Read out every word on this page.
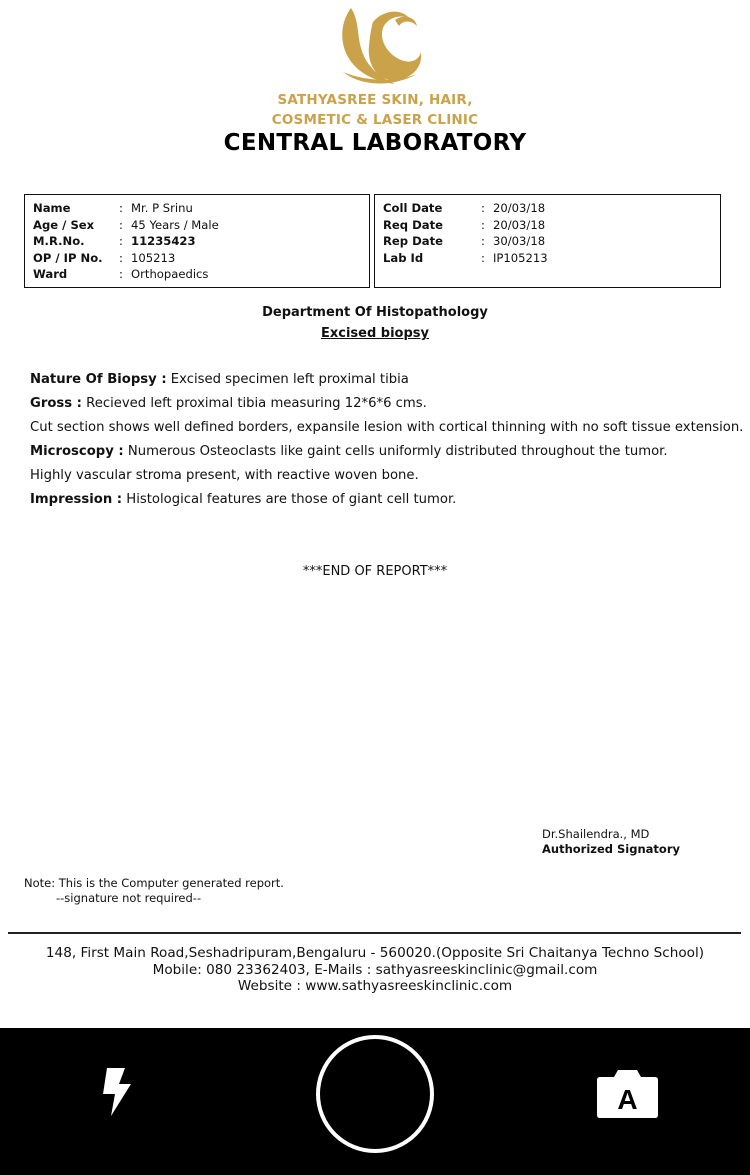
SATHYASREE SKIN, HAIR,
COSMETIC & LASER CLINIC
CENTRAL LABORATORY
Name	: Mr. P Srinu
Age / Sex	: 45 Years / Male
M.R.No.	: 11235423
OP / IP No.	: 105213
Ward	: Orthopaedics
Coll Date	: 20/03/18
Req Date	: 20/03/18
Rep Date	: 30/03/18
Lab Id	: IP105213
Department Of Histopathology
Excised biopsy

Nature Of Biopsy : Excised specimen left proximal tibia

Gross : Recieved left proximal tibia measuring 12*6*6 cms.

Cut section shows well defined borders, expansile lesion with cortical thinning with no soft tissue extension.

Microscopy : Numerous Osteoclasts like gaint cells uniformly distributed throughout the tumor.

Highly vascular stroma present, with reactive woven bone.

Impression : Histological features are those of giant cell tumor.

***END OF REPORT***
Dr.Shailendra., MD
Authorized Signatory
Note: This is the Computer generated report.
--signature not required--
148, First Main Road,Seshadripuram,Bengaluru - 560020.(Opposite Sri Chaitanya Techno School)
Mobile: 080 23362403, E-Mails : sathyasreeskinclinic@gmail.com
Website : www.sathyasreeskinclinic.com
A
